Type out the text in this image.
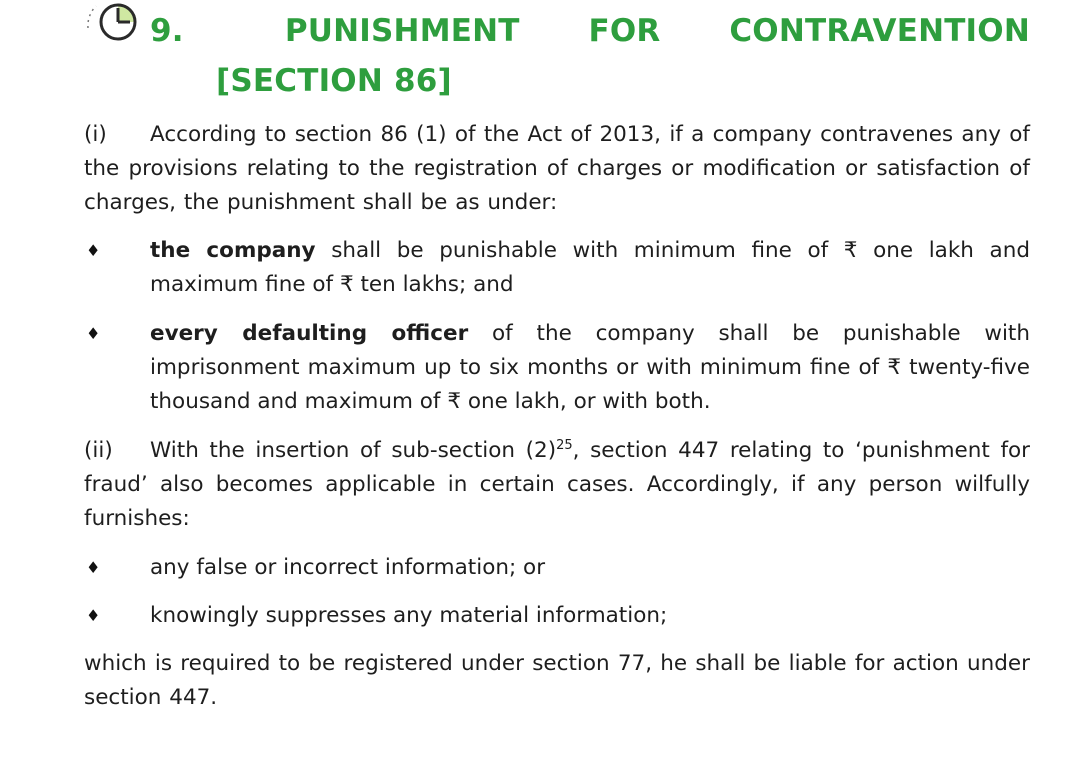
9.	PUNISHMENT FOR CONTRAVENTION
[SECTION 86]
(i) According to section 86 (1) of the Act of 2013, if a company contravenes any of the provisions relating to the registration of charges or modification or satisfaction of charges, the punishment shall be as under:
♦ the company shall be punishable with minimum fine of ₹ one lakh and maximum fine of ₹ ten lakhs; and
♦ every defaulting officer of the company shall be punishable with imprisonment maximum up to six months or with minimum fine of ₹ twenty-five thousand and maximum of ₹ one lakh, or with both.
(ii) With the insertion of sub-section $(2)^{25}$, section 447 relating to ‘punishment for fraud’ also becomes applicable in certain cases. Accordingly, if any person wilfully furnishes:
♦ any false or incorrect information; or
♦ knowingly suppresses any material information;
which is required to be registered under section 77, he shall be liable for action under section 447.
